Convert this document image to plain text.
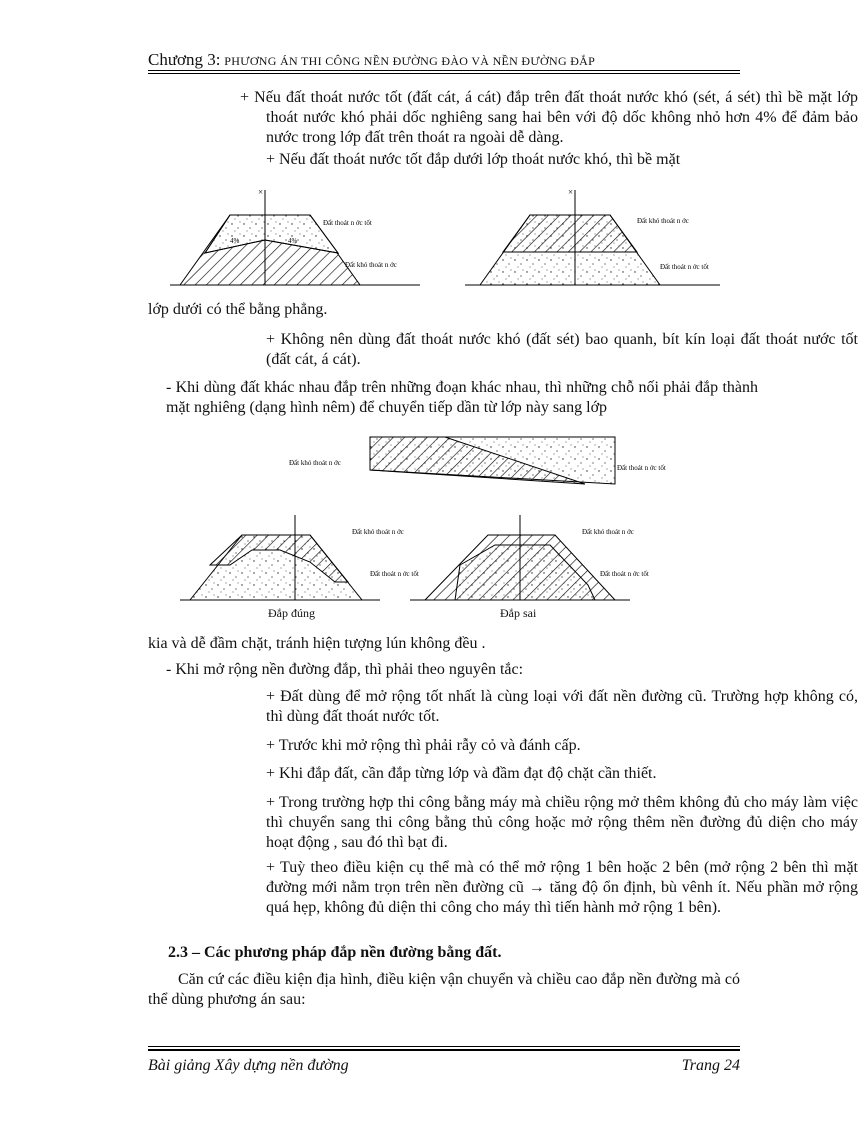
Chương 3: PHƯƠNG ÁN THI CÔNG NỀN ĐƯỜNG ĐÀO VÀ NỀN ĐƯỜNG ĐẮP
+ Nếu đất thoát nước tốt (đất cát, á cát) đắp trên đất thoát nước khó (sét, á sét) thì bề mặt lớp thoát nước khó phải dốc nghiêng sang hai bên với độ dốc không nhỏ hơn 4% để đảm bảo nước trong lớp đất trên thoát ra ngoài dễ dàng.
+ Nếu đất thoát nước tốt đắp dưới lớp thoát nước khó, thì bề mặt
×
4%	4%
Đất thoát n ớc tốt
Đất khó thoát n ớc
×
Đất khó thoát n ớc
Đất thoát n ớc tốt
lớp dưới có thể bằng phẳng.
+ Không nên dùng đất thoát nước khó (đất sét) bao quanh, bít kín loại đất thoát nước tốt (đất cát, á cát).
- Khi dùng đất khác nhau đắp trên những đoạn khác nhau, thì những chỗ nối phải đắp thành mặt nghiêng (dạng hình nêm) để chuyển tiếp dần từ lớp này sang lớp
Đất khó thoát n ớc
Đất thoát n ớc tốt
Đất khó thoát n ớc
Đất thoát n ớc tốt
Đất khó thoát n ớc
Đất thoát n ớc tốt
Đắp đúng	Đắp sai
kia và dễ đầm chặt, tránh hiện tượng lún không đều .
- Khi mở rộng nền đường đắp, thì phải theo nguyên tắc:
+ Đất dùng để mở rộng tốt nhất là cùng loại với đất nền đường cũ. Trường hợp không có, thì dùng đất thoát nước tốt.
+ Trước khi mở rộng thì phải rẫy cỏ và đánh cấp.
+ Khi đắp đất, cần đắp từng lớp và đầm đạt độ chặt cần thiết.
+ Trong trường hợp thi công bằng máy mà chiều rộng mở thêm không đủ cho máy làm việc thì chuyển sang thi công bằng thủ công hoặc mở rộng thêm nền đường đủ diện cho máy hoạt động , sau đó thì bạt đi.
+ Tuỳ theo điều kiện cụ thể mà có thể mở rộng 1 bên hoặc 2 bên (mở rộng 2 bên thì mặt đường mới nằm trọn trên nền đường cũ → tăng độ ổn định, bù vênh ít. Nếu phần mở rộng quá hẹp, không đủ diện thi công cho máy thì tiến hành mở rộng 1 bên).
2.3 – Các phương pháp đắp nền đường bằng đất.
Căn cứ các điều kiện địa hình, điều kiện vận chuyển và chiều cao đắp nền đường mà có thể dùng phương án sau:
Bài giảng Xây dựng nền đường	Trang 24
